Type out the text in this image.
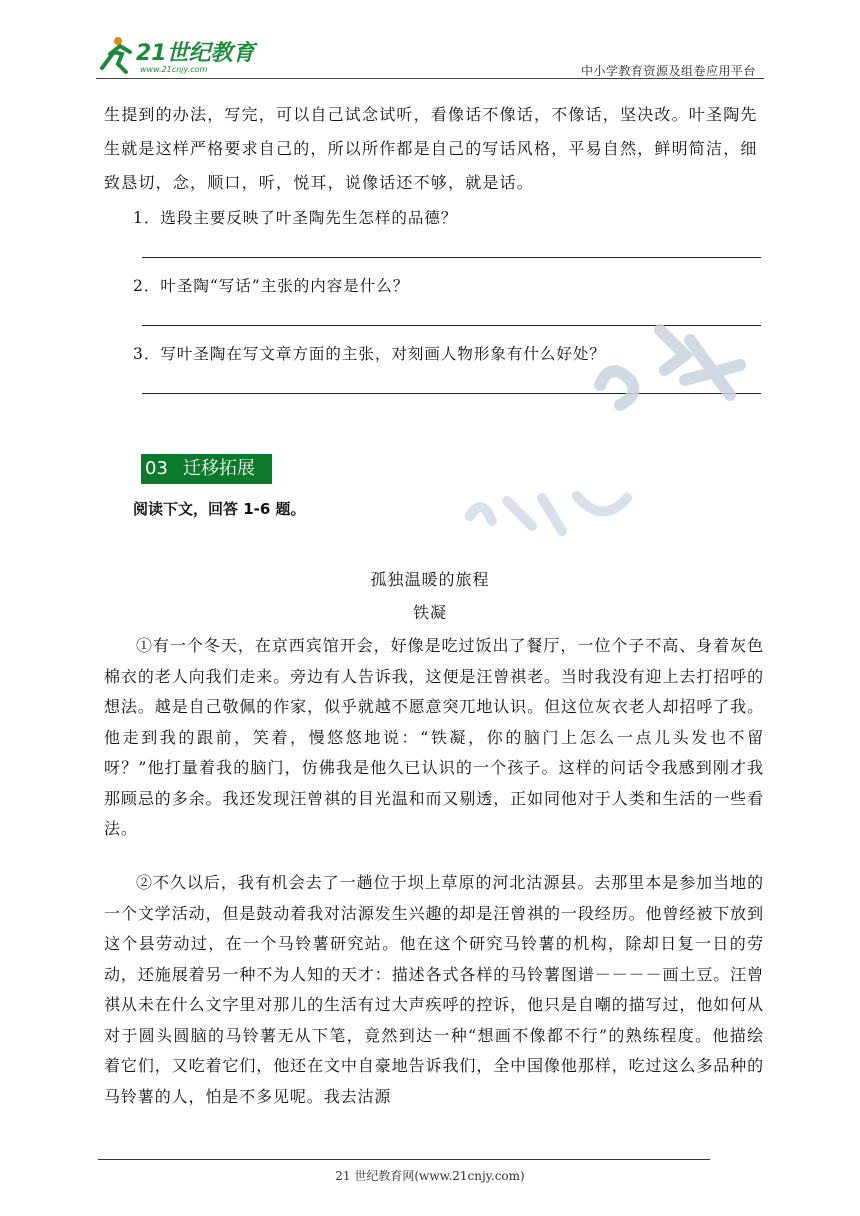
21世纪教育
www.21cnjy.com	中小学教育资源及组卷应用平台
生提到的办法，写完，可以自己试念试听，看像话不像话，不像话，坚决改。叶圣陶先生就是这样严格要求自己的，所以所作都是自己的写话风格，平易自然，鲜明简洁，细致恳切，念，顺口，听，悦耳，说像话还不够，就是话。
1．选段主要反映了叶圣陶先生怎样的品德？
2．叶圣陶“写话”主张的内容是什么？
3．写叶圣陶在写文章方面的主张，对刻画人物形象有什么好处？
03 迁移拓展
阅读下文，回答 1-6 题。
孤独温暖的旅程
铁凝
①有一个冬天，在京西宾馆开会，好像是吃过饭出了餐厅，一位个子不高、身着灰色棉衣的老人向我们走来。旁边有人告诉我，这便是汪曾祺老。当时我没有迎上去打招呼的想法。越是自己敬佩的作家，似乎就越不愿意突兀地认识。但这位灰衣老人却招呼了我。他走到我的跟前，笑着，慢悠悠地说：“铁凝，你的脑门上怎么一点儿头发也不留呀？”他打量着我的脑门，仿佛我是他久已认识的一个孩子。这样的问话令我感到刚才我那顾忌的多余。我还发现汪曾祺的目光温和而又剔透，正如同他对于人类和生活的一些看法。
②不久以后，我有机会去了一趟位于坝上草原的河北沽源县。去那里本是参加当地的一个文学活动，但是鼓动着我对沽源发生兴趣的却是汪曾祺的一段经历。他曾经被下放到这个县劳动过，在一个马铃薯研究站。他在这个研究马铃薯的机构，除却日复一日的劳动，还施展着另一种不为人知的天才：描述各式各样的马铃薯图谱－－－－画土豆。汪曾祺从未在什么文字里对那儿的生活有过大声疾呼的控诉，他只是自嘲的描写过，他如何从对于圆头圆脑的马铃薯无从下笔，竟然到达一种“想画不像都不行”的熟练程度。他描绘着它们，又吃着它们，他还在文中自豪地告诉我们，全中国像他那样，吃过这么多品种的马铃薯的人，怕是不多见呢。我去沽源
21 世纪教育网(www.21cnjy.com)
